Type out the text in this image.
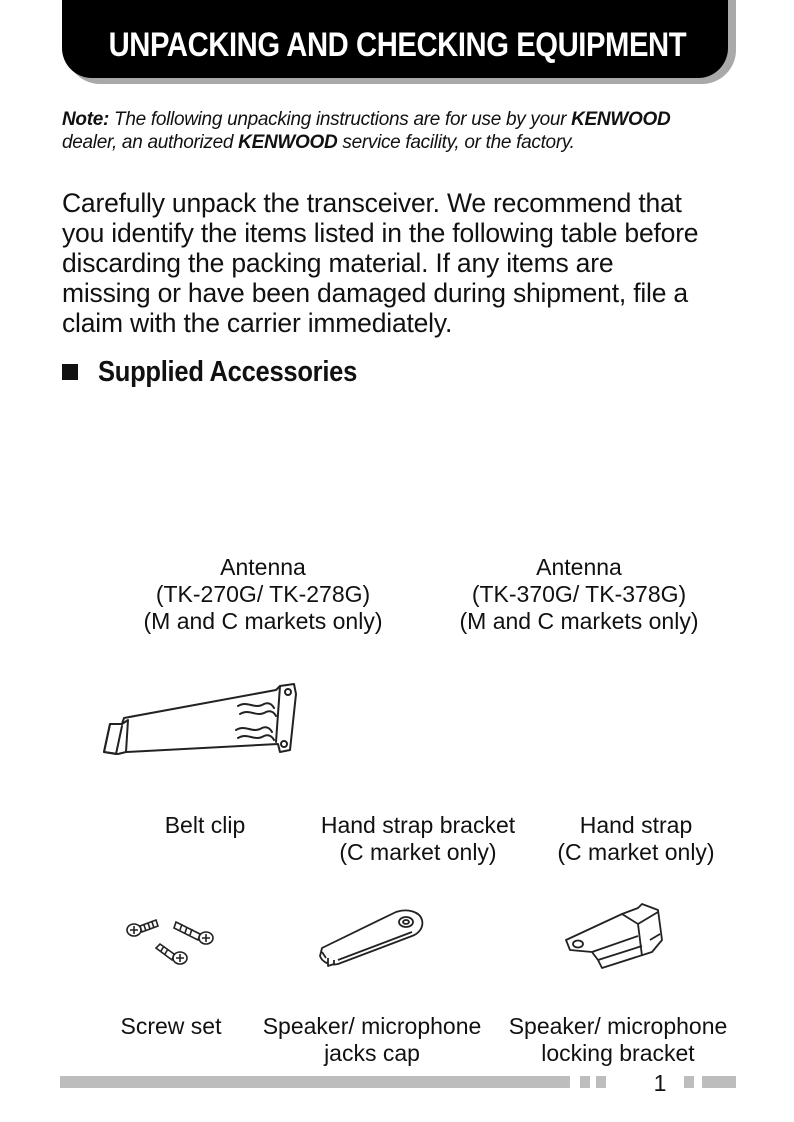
UNPACKING AND CHECKING EQUIPMENT
Note: The following unpacking instructions are for use by your KENWOOD dealer, an authorized KENWOOD service facility, or the factory.
Carefully unpack the transceiver. We recommend that
you identify the items listed in the following table before
discarding the packing material. If any items are
missing or have been damaged during shipment, file a
claim with the carrier immediately.
Supplied Accessories
Antenna
(TK-270G/ TK-278G)
(M and C markets only)
Antenna
(TK-370G/ TK-378G)
(M and C markets only)
Belt clip	Hand strap bracket
(C market only)
Hand strap
(C market only)
Screw set	Speaker/ microphone
jacks cap
Speaker/ microphone
locking bracket
1
